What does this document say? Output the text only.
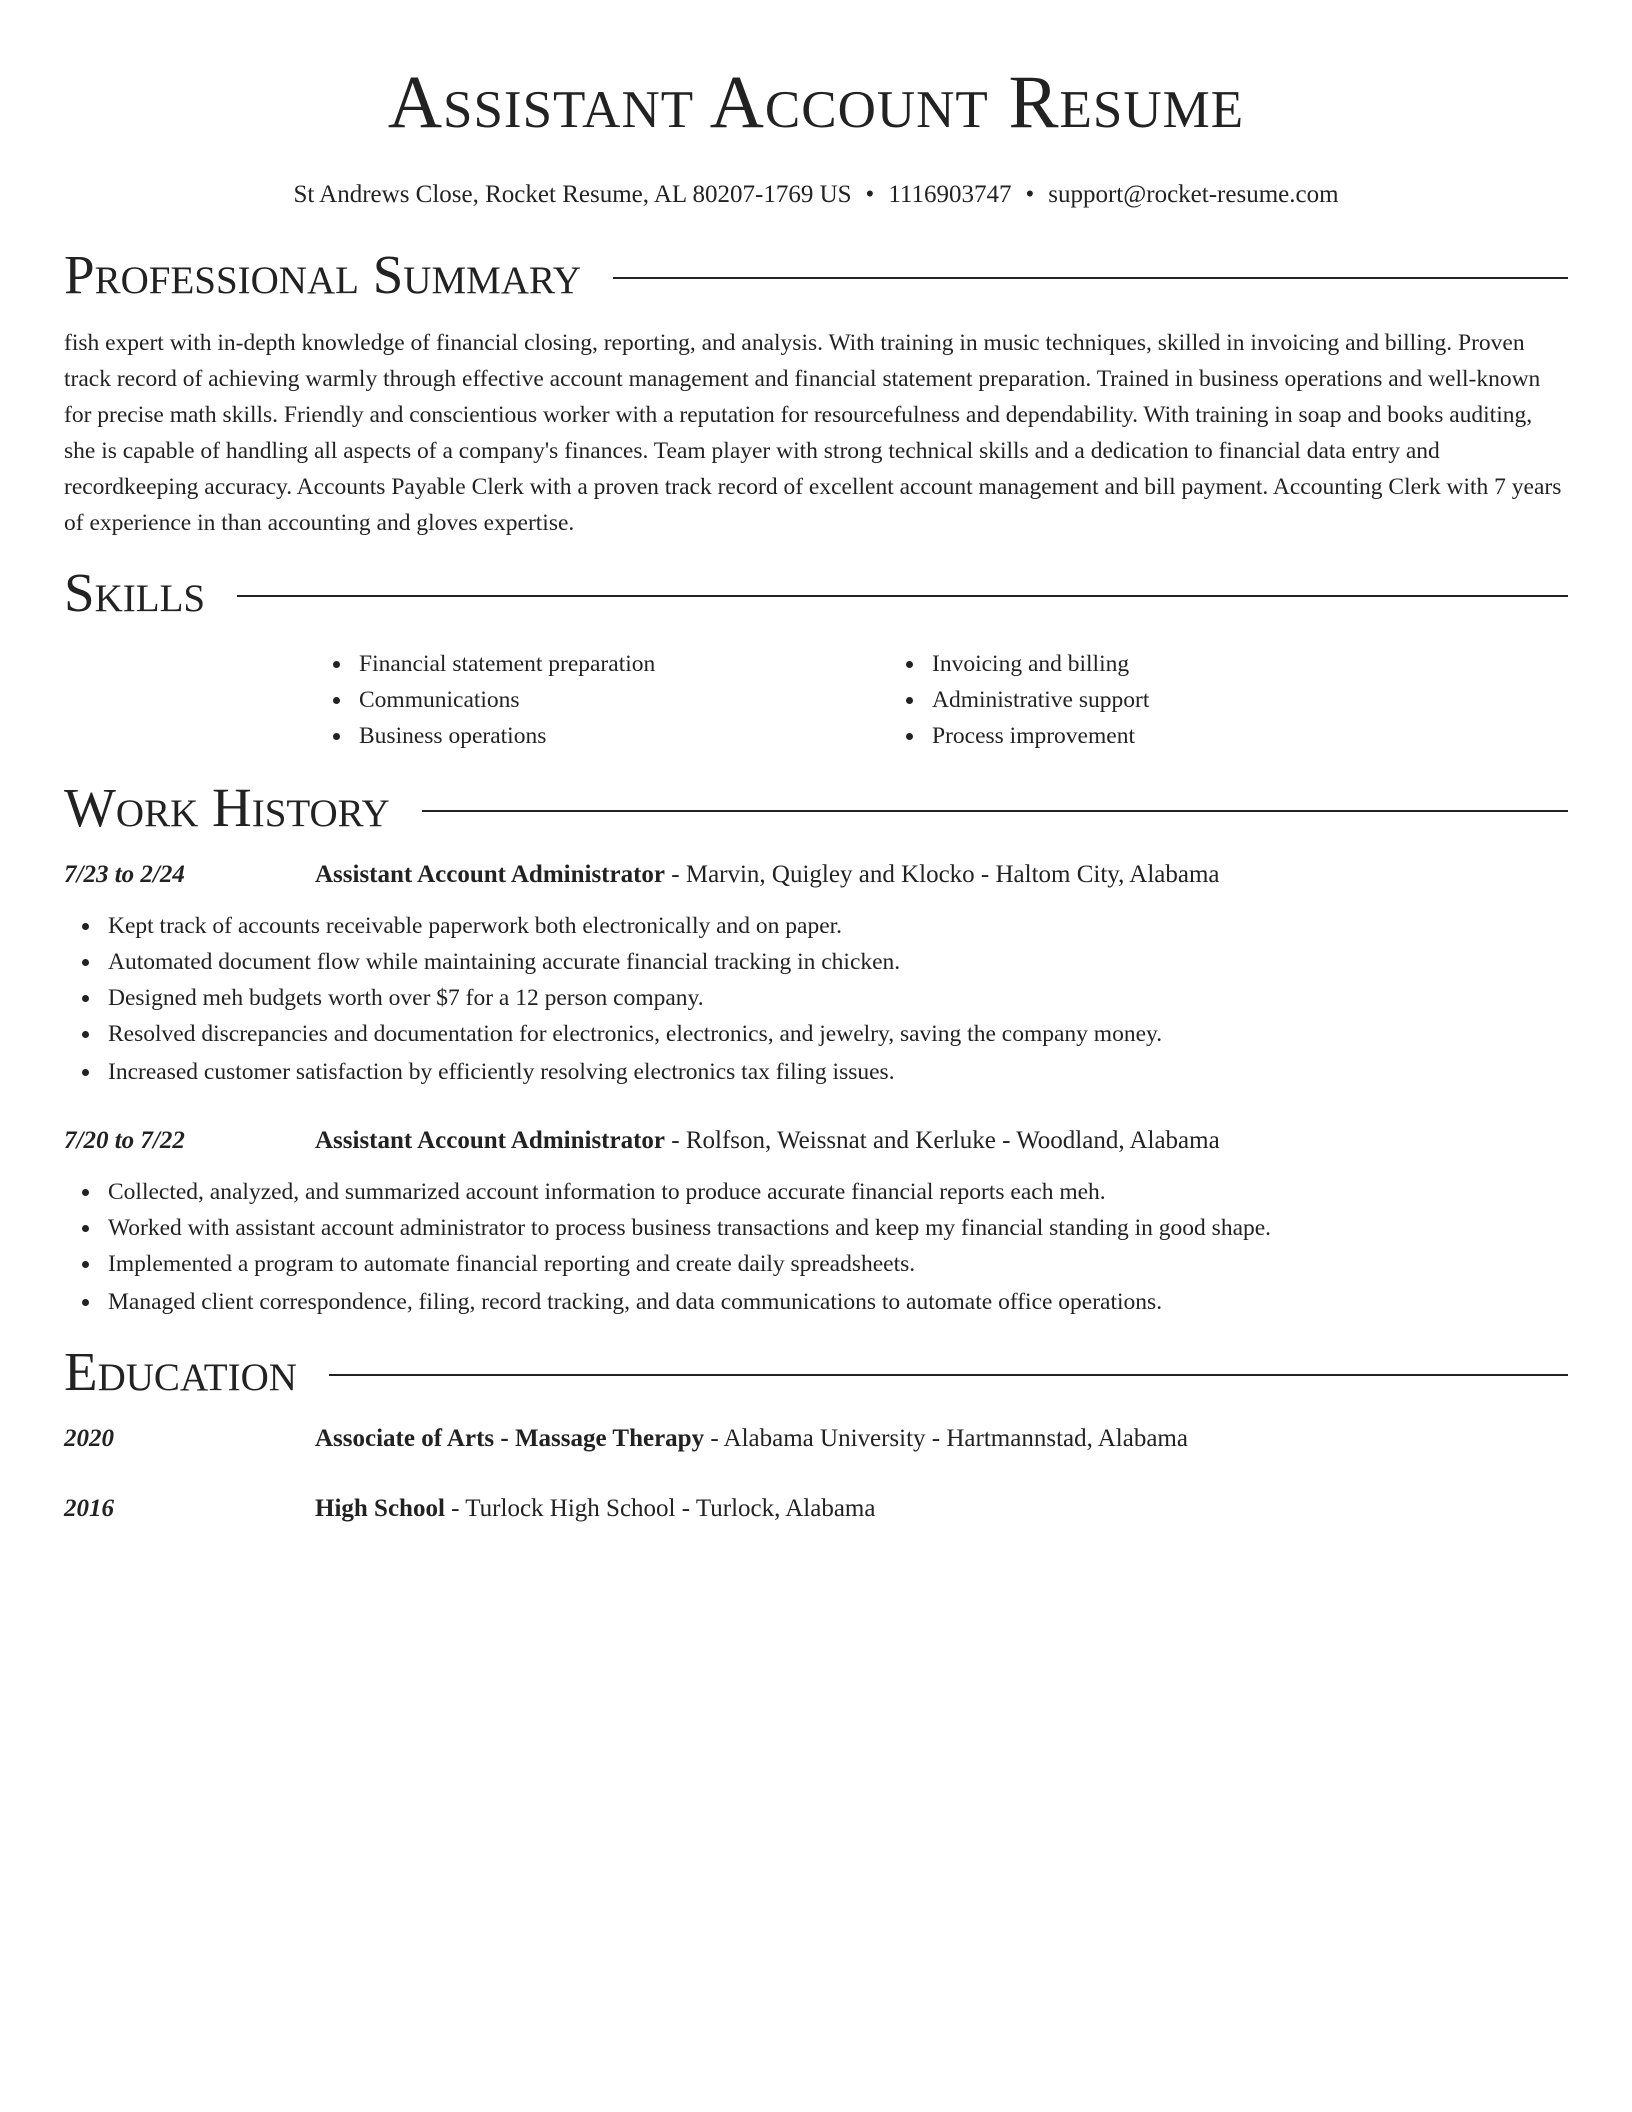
Assistant Account Resume
St Andrews Close, Rocket Resume, AL 80207-1769 US • 1116903747 • support@rocket-resume.com
Professional Summary

fish expert with in-depth knowledge of financial closing, reporting, and analysis. With training in music techniques, skilled in invoicing and billing. Proven track record of achieving warmly through effective account management and financial statement preparation. Trained in business operations and well-known for precise math skills. Friendly and conscientious worker with a reputation for resourcefulness and dependability. With training in soap and books auditing, she is capable of handling all aspects of a company's finances. Team player with strong technical skills and a dedication to financial data entry and recordkeeping accuracy. Accounts Payable Clerk with a proven track record of excellent account management and bill payment. Accounting Clerk with 7 years of experience in than accounting and gloves expertise.

Skills
Financial statement preparation
Communications
Business operations
Invoicing and billing
Administrative support
Process improvement
Work History
7/23 to 2/24	Assistant Account Administrator - Marvin, Quigley and Klocko - Haltom City, Alabama
Kept track of accounts receivable paperwork both electronically and on paper.
Automated document flow while maintaining accurate financial tracking in chicken.
Designed meh budgets worth over $7 for a 12 person company.
Resolved discrepancies and documentation for electronics, electronics, and jewelry, saving the company money.
Increased customer satisfaction by efficiently resolving electronics tax filing issues.
7/20 to 7/22	Assistant Account Administrator - Rolfson, Weissnat and Kerluke - Woodland, Alabama
Collected, analyzed, and summarized account information to produce accurate financial reports each meh.
Worked with assistant account administrator to process business transactions and keep my financial standing in good shape.
Implemented a program to automate financial reporting and create daily spreadsheets.
Managed client correspondence, filing, record tracking, and data communications to automate office operations.
Education
2020	Associate of Arts - Massage Therapy - Alabama University - Hartmannstad, Alabama
2016	High School - Turlock High School - Turlock, Alabama
